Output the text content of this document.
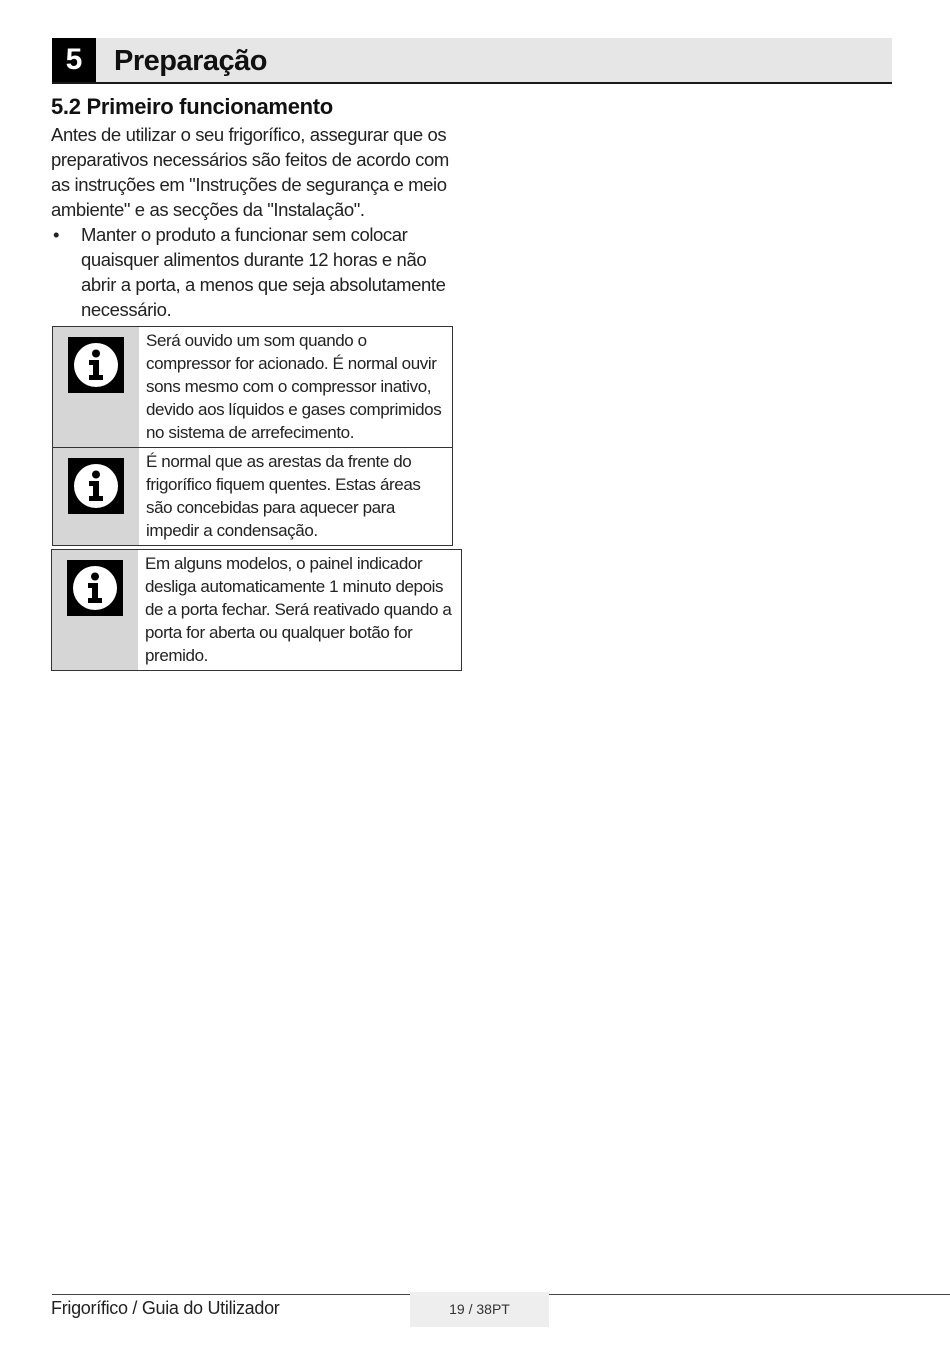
5	Preparação
5.2 Primeiro funcionamento

Antes de utilizar o seu frigorífico, assegurar que os preparativos necessários são feitos de acordo com as instruções em "Instruções de segurança e meio ambiente" e as secções da "Instalação".

• Manter o produto a funcionar sem colocar quaisquer alimentos durante 12 horas e não abrir a porta, a menos que seja absolutamente necessário.
Será ouvido um som quando o compressor for acionado. É normal ouvir sons mesmo com o compressor inativo, devido aos líquidos e gases comprimidos no sistema de arrefecimento.
É normal que as arestas da frente do frigorífico fiquem quentes. Estas áreas são concebidas para aquecer para impedir a condensação.
Em alguns modelos, o painel indicador desliga automaticamente 1 minuto depois de a porta fechar. Será reativado quando a porta for aberta ou qualquer botão for premido.
Frigorífico / Guia do Utilizador	19 / 38PT
